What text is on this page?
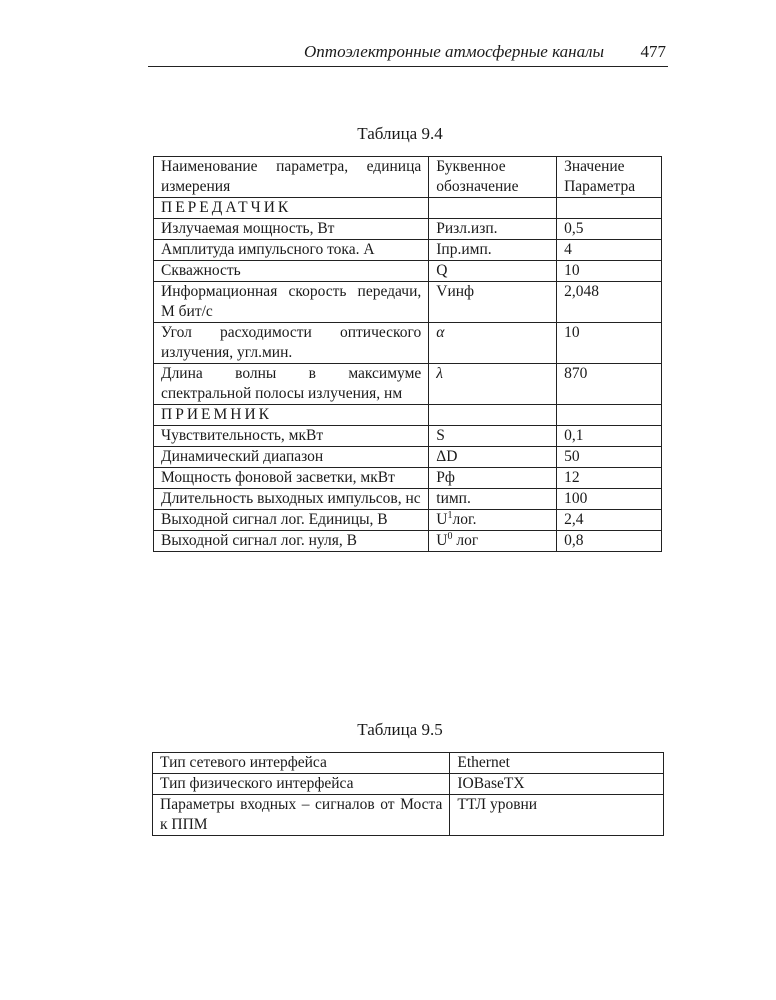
Оптоэлектронные атмосферные каналы 477
Таблица 9.4
Наименование параметра, единица измерения	Буквенное обозначение	Значение Параметра
ПЕРЕДАТЧИК		
Излучаемая мощность, Вт	Ризл.изп.	0,5
Амплитуда импульсного тока. А	Iпр.имп.	4
Скважность	Q	10
Информационная скорость передачи, М бит/с	Vинф	2,048
Угол расходимости оптического излучения, угл.мин.	α	10
Длина волны в максимуме спектральной полосы излучения, нм	λ	870
ПРИЕМНИК		
Чувствительность, мкВт	S	0,1
Динамический диапазон	ΔD	50
Мощность фоновой засветки, мкВт	Рф	12
Длительность выходных импульсов, нс	tимп.	100
Выходной сигнал лог. Единицы, В	$U^1лог$.	2,4
Выходной сигнал лог. нуля, В	$U^0$ лог	0,8
Таблица 9.5
Тип сетевого интерфейса	Ethernet
Тип физического интерфейса	IOBaseTX
Параметры входных – сигналов от Моста к ППМ	ТТЛ уровни
